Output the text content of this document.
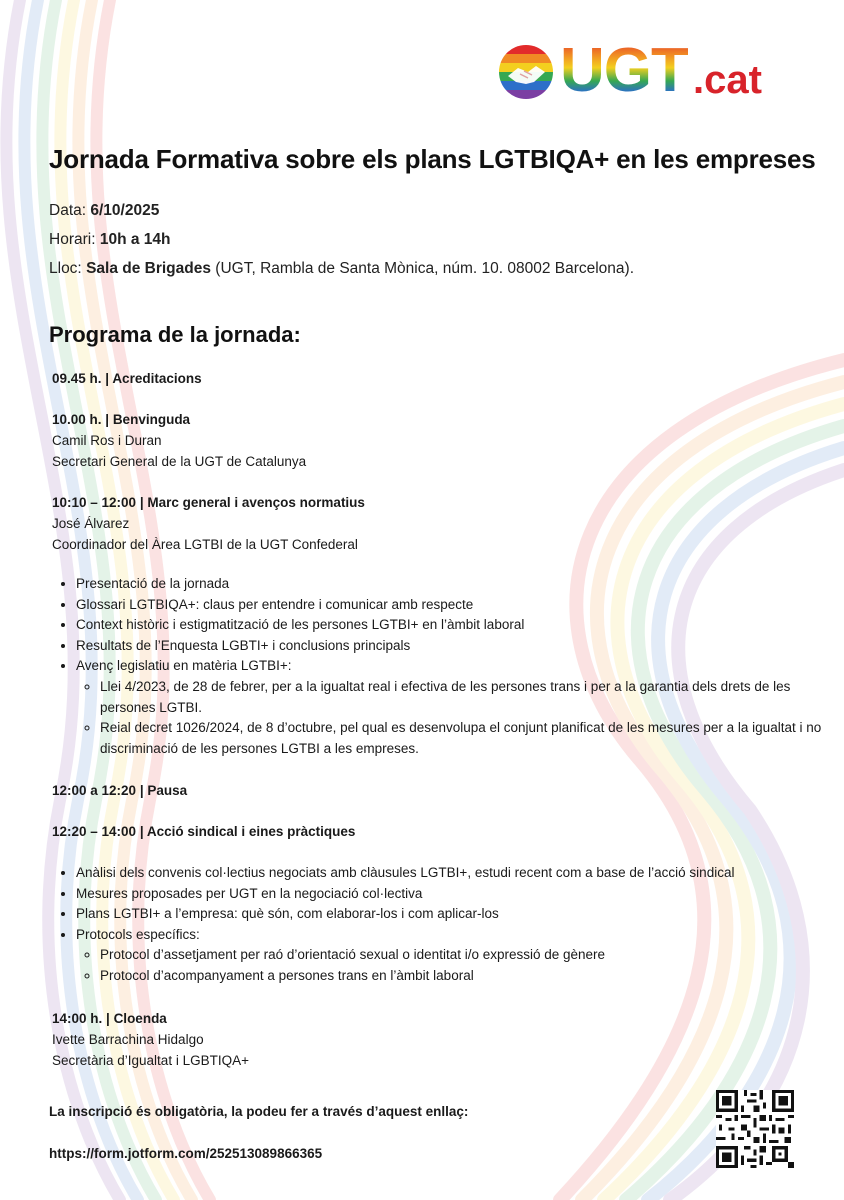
UGT .cat
Jornada Formativa sobre els plans LGTBIQA+ en les empreses
Data: 6/10/2025
Horari: 10h a 14h
Lloc: Sala de Brigades (UGT, Rambla de Santa Mònica, núm. 10. 08002 Barcelona).
Programa de la jornada:
09.45 h. | Acreditacions
10.00 h. | Benvinguda
Camil Ros i Duran
Secretari General de la UGT de Catalunya
10:10 – 12:00 | Marc general i avenços normatius
José Álvarez
Coordinador del Àrea LGTBI de la UGT Confederal
• Presentació de la jornada
• Glossari LGTBIQA+: claus per entendre i comunicar amb respecte
• Context històric i estigmatització de les persones LGTBI+ en l’àmbit laboral
• Resultats de l’Enquesta LGBTI+ i conclusions principals
• Avenç legislatiu en matèria LGTBI+:
◦ Llei 4/2023, de 28 de febrer, per a la igualtat real i efectiva de les persones trans i per a la garantia dels drets de les persones LGTBI.
◦ Reial decret 1026/2024, de 8 d’octubre, pel qual es desenvolupa el conjunt planificat de les mesures per a la igualtat i no discriminació de les persones LGTBI a les empreses.
12:00 a 12:20 | Pausa
12:20 – 14:00 | Acció sindical i eines pràctiques
• Anàlisi dels convenis col·lectius negociats amb clàusules LGTBI+, estudi recent com a base de l’acció sindical
• Mesures proposades per UGT en la negociació col·lectiva
• Plans LGTBI+ a l’empresa: què són, com elaborar-los i com aplicar-los
• Protocols específics:
◦ Protocol d’assetjament per raó d’orientació sexual o identitat i/o expressió de gènere
◦ Protocol d’acompanyament a persones trans en l’àmbit laboral
14:00 h. | Cloenda
Ivette Barrachina Hidalgo
Secretària d’Igualtat i LGBTIQA+
La inscripció és obligatòria, la podeu fer a través d’aquest enllaç:
https://form.jotform.com/252513089866365
